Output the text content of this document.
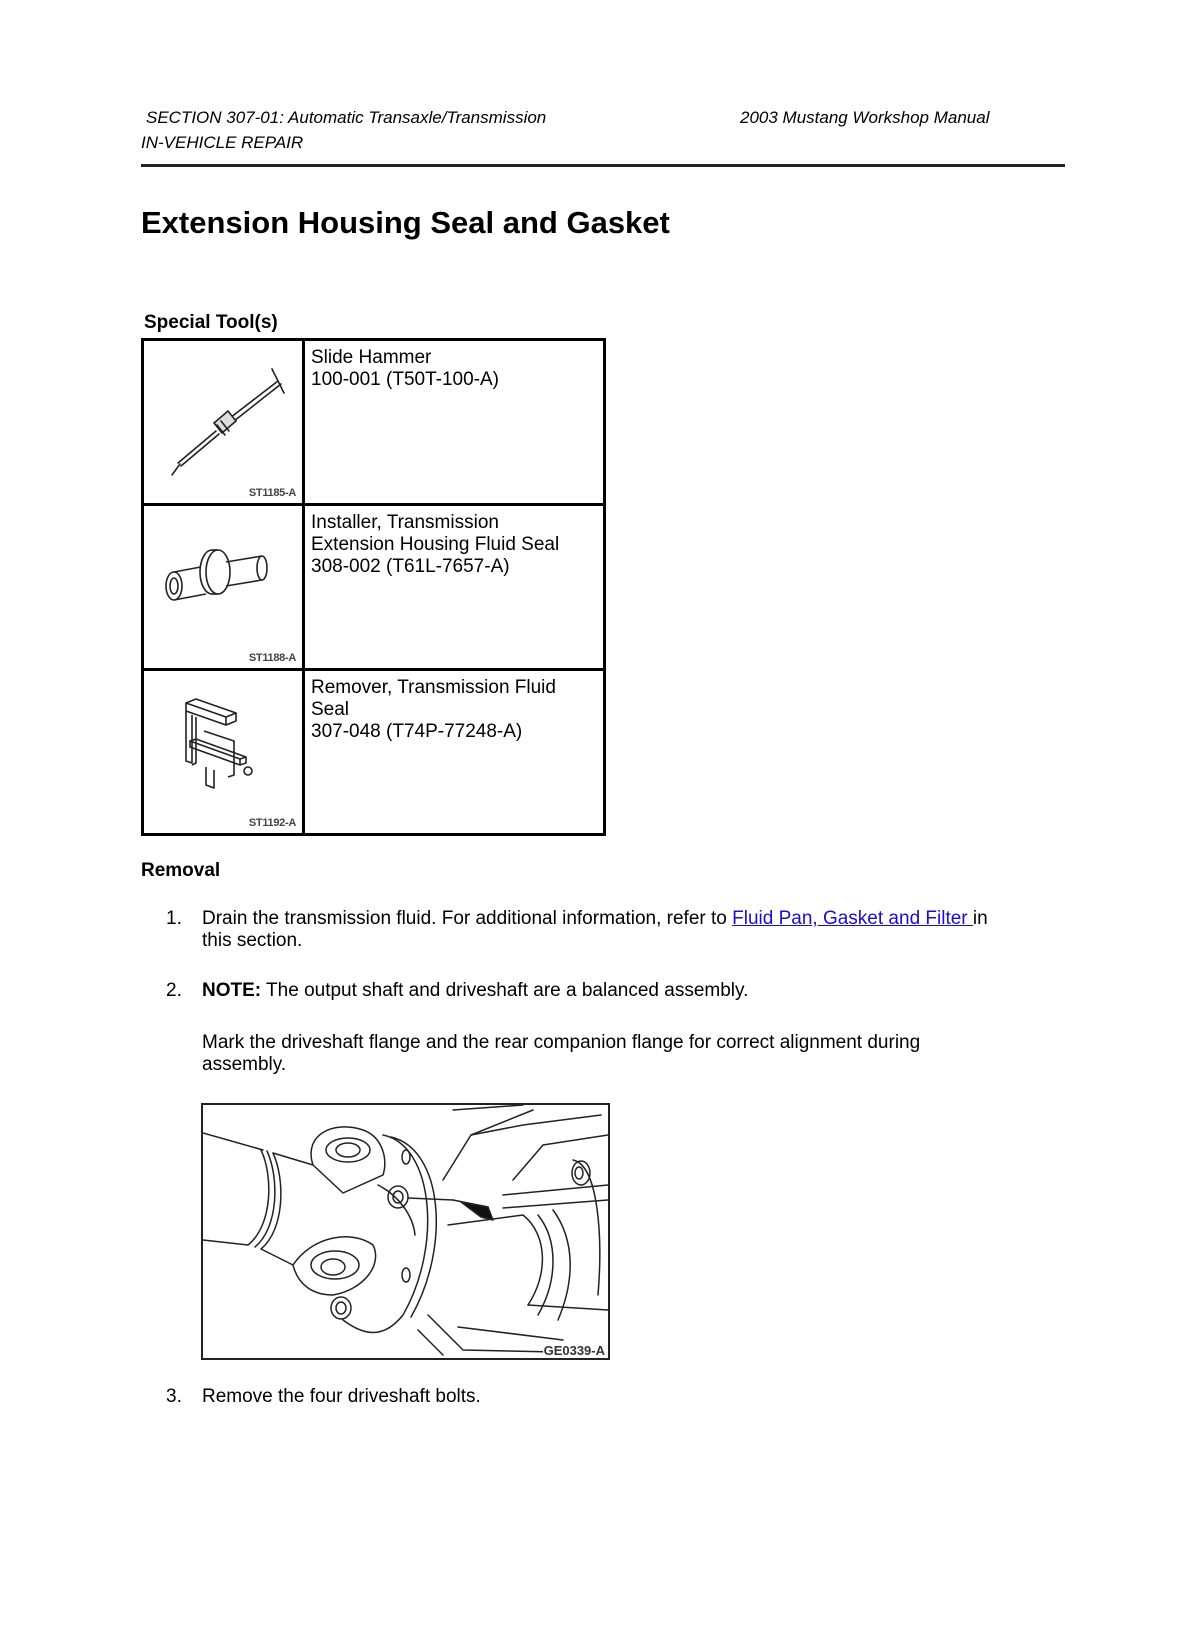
SECTION 307-01: Automatic Transaxle/Transmission
IN-VEHICLE REPAIR
2003 Mustang Workshop Manual
Extension Housing Seal and Gasket
Special Tool(s)
ST1185-A	Slide Hammer
100-001 (T50T-100-A)

ST1188-A	Installer, Transmission
Extension Housing Fluid Seal
308-002 (T61L-7657-A)

ST1192-A	Remover, Transmission Fluid
Seal
307-048 (T74P-77248-A)
Removal
1. Drain the transmission fluid. For additional information, refer to Fluid Pan, Gasket and Filter in
this section.
2. NOTE: The output shaft and driveshaft are a balanced assembly.
Mark the driveshaft flange and the rear companion flange for correct alignment during
assembly.
GE0339-A
3. Remove the four driveshaft bolts.
